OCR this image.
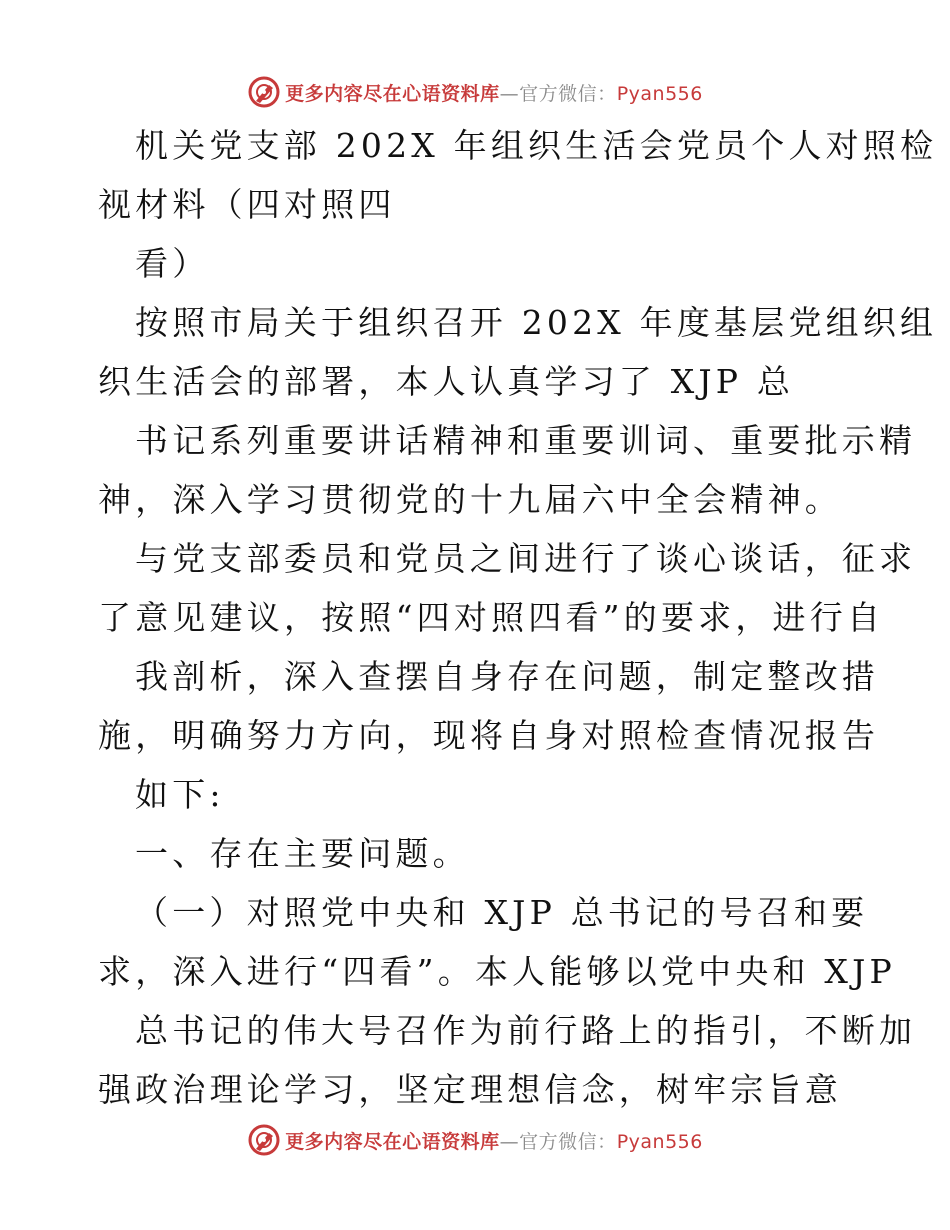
更多内容尽在心语资料库—官方微信：Pyan556
机关党支部 202X 年组织生活会党员个人对照检
视材料（四对照四
看）
按照市局关于组织召开 202X 年度基层党组织组
织生活会的部署，本人认真学习了 XJP 总
书记系列重要讲话精神和重要训词、重要批示精
神，深入学习贯彻党的十九届六中全会精神。
与党支部委员和党员之间进行了谈心谈话，征求
了意见建议，按照“四对照四看”的要求，进行自
我剖析，深入查摆自身存在问题，制定整改措
施，明确努力方向，现将自身对照检查情况报告
如下:
一、存在主要问题。
（一）对照党中央和 XJP 总书记的号召和要
求，深入进行“四看”。本人能够以党中央和 XJP
总书记的伟大号召作为前行路上的指引，不断加
强政治理论学习，坚定理想信念，树牢宗旨意
更多内容尽在心语资料库—官方微信：Pyan556
